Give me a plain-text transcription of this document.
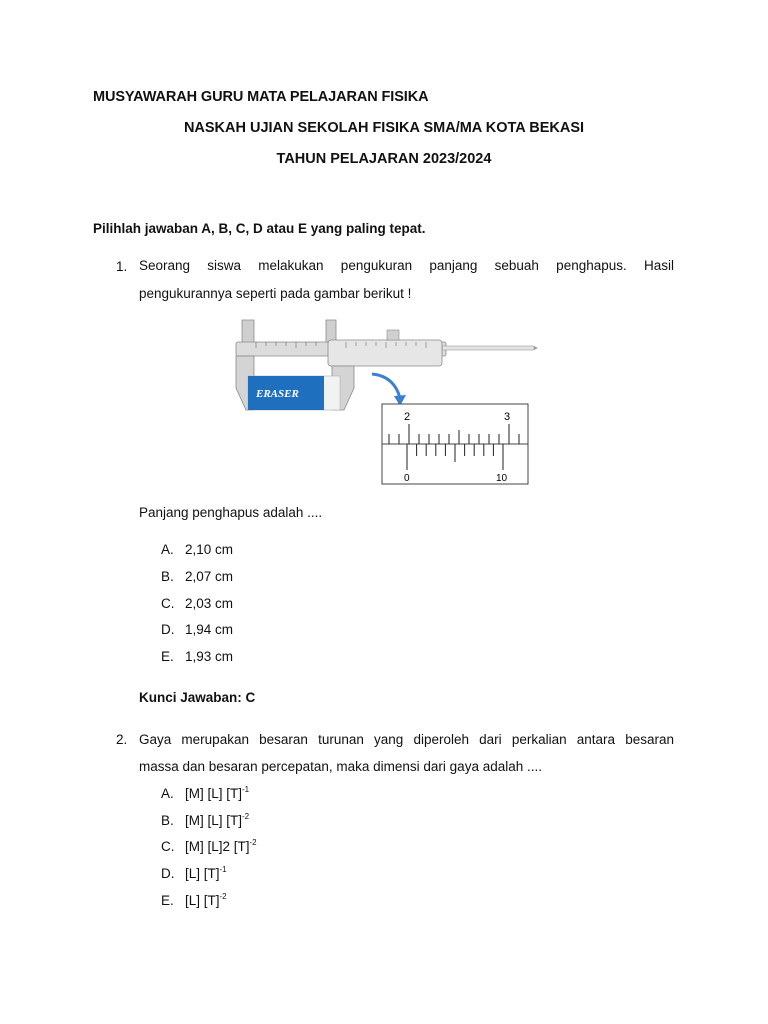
MUSYAWARAH GURU MATA PELAJARAN FISIKA
NASKAH UJIAN SEKOLAH FISIKA SMA/MA KOTA BEKASI
TAHUN PELAJARAN 2023/2024
Pilihlah jawaban A, B, C, D atau E yang paling tepat.
1. Seorang siswa melakukan pengukuran panjang sebuah penghapus. Hasil pengukurannya seperti pada gambar berikut !
ERASER
2	3
0	10
Panjang penghapus adalah ....
A. 2,10 cm
B. 2,07 cm
C. 2,03 cm
D. 1,94 cm
E. 1,93 cm
Kunci Jawaban: C
2. Gaya merupakan besaran turunan yang diperoleh dari perkalian antara besaran
massa dan besaran percepatan, maka dimensi dari gaya adalah ....
A. [M] [L] $[T]^{-1}$
B. [M] [L] $[T]^{-2}$
C. [M] [L]2 $[T]^{-2}$
D. [L] $[T]^{-1}$
E. [L] $[T]^{-2}$
